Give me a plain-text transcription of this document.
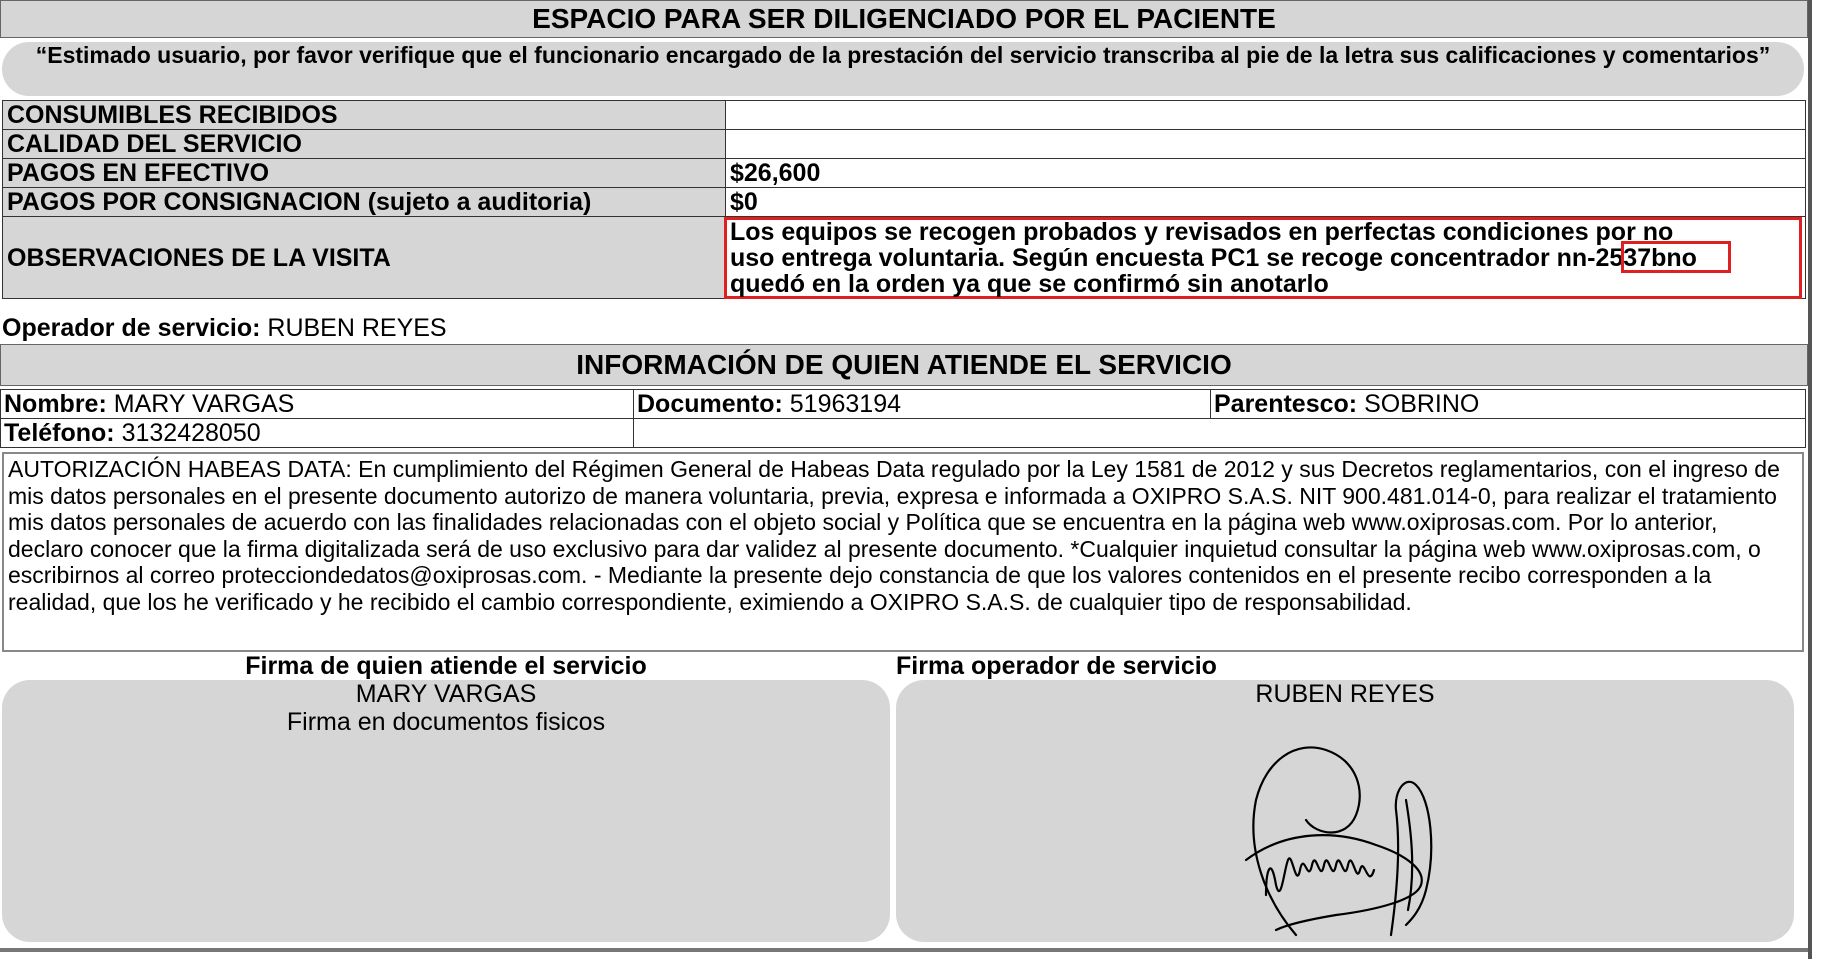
ESPACIO PARA SER DILIGENCIADO POR EL PACIENTE
“Estimado usuario, por favor verifique que el funcionario encargado de la prestación del servicio transcriba al pie de la letra sus calificaciones y comentarios”
CONSUMIBLES RECIBIDOS	
CALIDAD DEL SERVICIO	
PAGOS EN EFECTIVO	$26,600
PAGOS POR CONSIGNACION (sujeto a auditoria)	$0
OBSERVACIONES DE LA VISITA	Los equipos se recogen probados y revisados en perfectas condiciones por no
uso entrega voluntaria. Según encuesta PC1 se recoge concentrador nn-2537bno
quedó en la orden ya que se confirmó sin anotarlo
Operador de servicio: RUBEN REYES
INFORMACIÓN DE QUIEN ATIENDE EL SERVICIO
Nombre: MARY VARGAS	Documento: 51963194	Parentesco: SOBRINO
Teléfono: 3132428050		
AUTORIZACIÓN HABEAS DATA: En cumplimiento del Régimen General de Habeas Data regulado por la Ley 1581 de 2012 y sus Decretos reglamentarios, con el ingreso de mis datos personales en el presente documento autorizo de manera voluntaria, previa, expresa e informada a OXIPRO S.A.S. NIT 900.481.014-0, para realizar el tratamiento mis datos personales de acuerdo con las finalidades relacionadas con el objeto social y Política que se encuentra en la página web www.oxiprosas.com. Por lo anterior, declaro conocer que la firma digitalizada será de uso exclusivo para dar validez al presente documento. *Cualquier inquietud consultar la página web www.oxiprosas.com, o escribirnos al correo protecciondedatos@oxiprosas.com. - Mediante la presente dejo constancia de que los valores contenidos en el presente recibo corresponden a la realidad, que los he verificado y he recibido el cambio correspondiente, eximiendo a OXIPRO S.A.S. de cualquier tipo de responsabilidad.
Firma de quien atiende el servicio	Firma operador de servicio
MARY VARGAS
Firma en documentos fisicos
RUBEN REYES
